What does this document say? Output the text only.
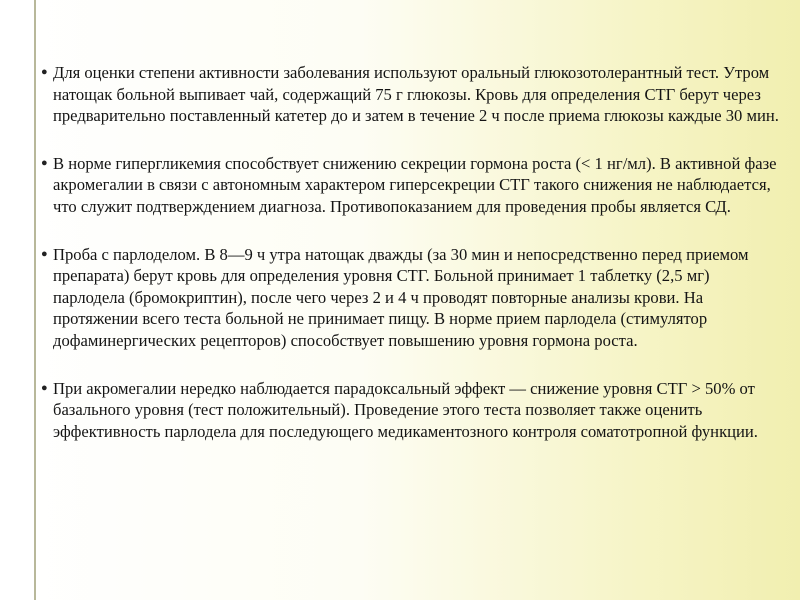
● Для оценки степени активности заболевания используют оральный глюкозотолерантный тест. Утром натощак больной выпивает чай, содержащий 75 г глюкозы. Кровь для определения СТГ берут через предварительно поставленный катетер до и затем в течение 2 ч после приема глюкозы каждые 30 мин.
● В норме гипергликемия способствует снижению секреции гормона роста (< 1 нг/мл). В активной фазе акромегалии в связи с автономным характером гиперсекреции СТГ такого снижения не наблюдается, что служит подтверждением диагноза. Противопоказанием для проведения пробы является СД.
● Проба с парлоделом. В 8—9 ч утра натощак дважды (за 30 мин и непосредственно перед приемом препарата) берут кровь для определения уровня СТГ. Больной принимает 1 таблетку (2,5 мг) парлодела (бромокриптин), после чего через 2 и 4 ч проводят повторные анализы крови. На протяжении всего теста больной не принимает пищу. В норме прием парлодела (стимулятор дофаминергических рецепторов) способствует повышению уровня гормона роста.
● При акромегалии нередко наблюдается парадоксальный эффект — снижение уровня СТГ > 50% от базального уровня (тест положительный). Проведение этого теста позволяет также оценить эффективность парлодела для последующего медикаментозного контроля соматотропной функции.
